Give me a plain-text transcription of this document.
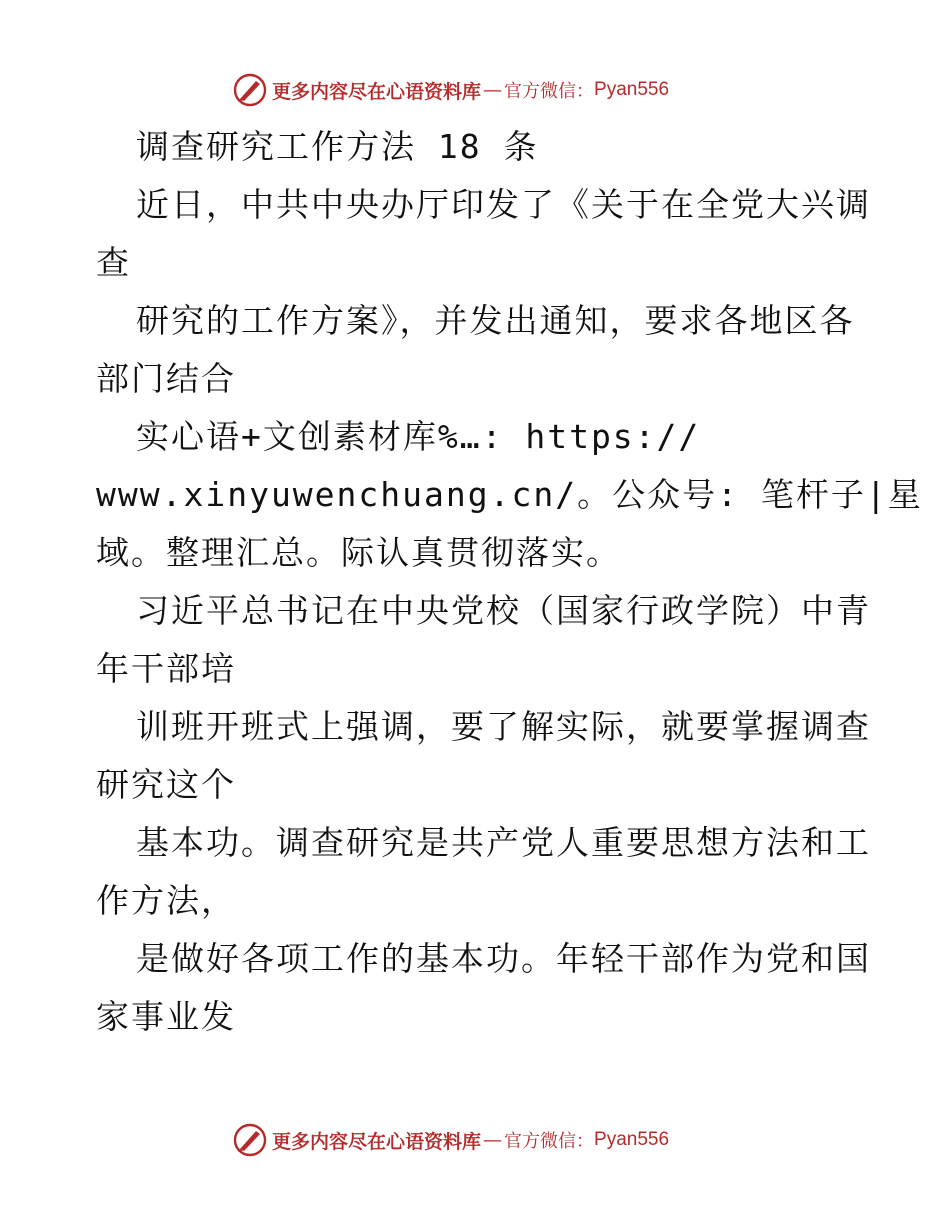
更多内容尽在心语资料库 — 官方微信： Pyan556
调查研究工作方法 18 条
近日，中共中央办厅印发了《关于在全党大兴调
查
研究的工作方案》，并发出通知，要求各地区各
部门结合
实心语+文创素材库%…: https://
www.xinyuwenchuang.cn/。公众号: 笔杆子|星
域。整理汇总。际认真贯彻落实。
习近平总书记在中央党校（国家行政学院）中青
年干部培
训班开班式上强调，要了解实际，就要掌握调查
研究这个
基本功。调查研究是共产党人重要思想方法和工
作方法，
是做好各项工作的基本功。年轻干部作为党和国
家事业发
更多内容尽在心语资料库 — 官方微信： Pyan556
